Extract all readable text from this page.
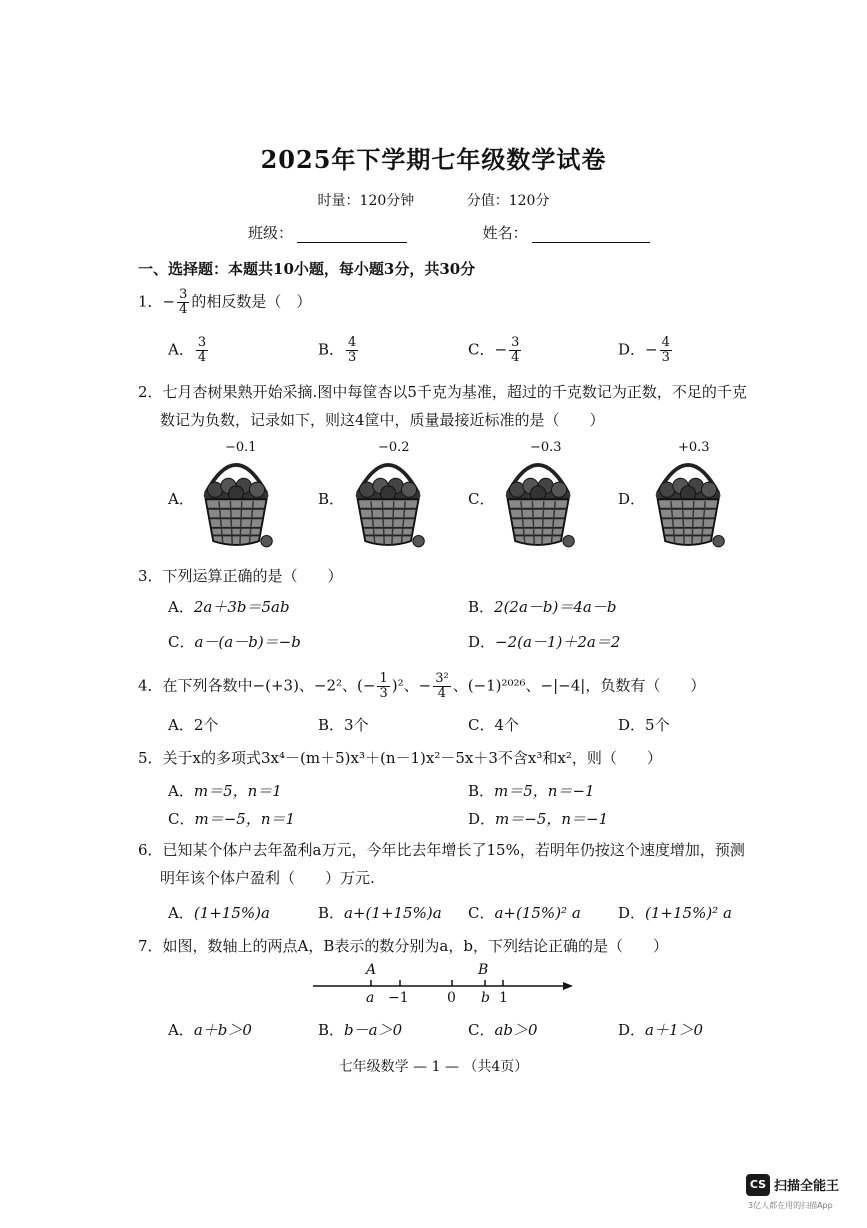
2025年下学期七年级数学试卷
时量：120分钟	分值：120分
班级：	姓名：
一、选择题：本题共10小题，每小题3分，共30分
1．− $\frac{3}{4}$ 的相反数是（　）
A． $\frac{3}{4}$	B． $\frac{4}{3}$	C．− $\frac{3}{4}$	D．− $\frac{4}{3}$
2．七月杏树果熟开始采摘.图中每筐杏以5千克为基准，超过的千克数记为正数，不足的千克
数记为负数，记录如下，则这4筐中，质量最接近标准的是（　　）
A．
−0.1
B．
−0.2
C．
−0.3
D．
+0.3
3．下列运算正确的是（　　）
A．2a＋3b＝5ab	B．2(2a－b)＝4a－b
C．a－(a－b)＝−b	D．−2(a－1)＋2a＝2
4．在下列各数中−(+3)、−2²、(− $\frac{1}{3} )^2$、− $\frac{\text{3²}}{4}$ 、(−1)²⁰²⁶、−|−4|，负数有（　　）
A．2个	B．3个	C．4个	D．5个
5．关于x的多项式3x⁴－(m＋5)x³＋(n－1)x²－5x＋3不含x³和x²，则（　　）
A．m＝5，n＝1	B．m＝5，n＝−1
C．m＝−5，n＝1	D．m＝−5，n＝−1
6．已知某个体户去年盈利a万元，今年比去年增长了15%，若明年仍按这个速度增加，预测
明年该个体户盈利（　　）万元.
A．(1+15%)a	B．a+(1+15%)a C．a+(15%)² a D．(1+15%)² a
7．如图，数轴上的两点A，B表示的数分别为a，b，下列结论正确的是（　　）
A	B
a −1	0 b 1
A．a＋b＞0	B．b－a＞0	C．ab＞0	D．a＋1＞0
七年级数学 — 1 — （共4页）
CS 扫描全能王
3亿人都在用的扫描App
